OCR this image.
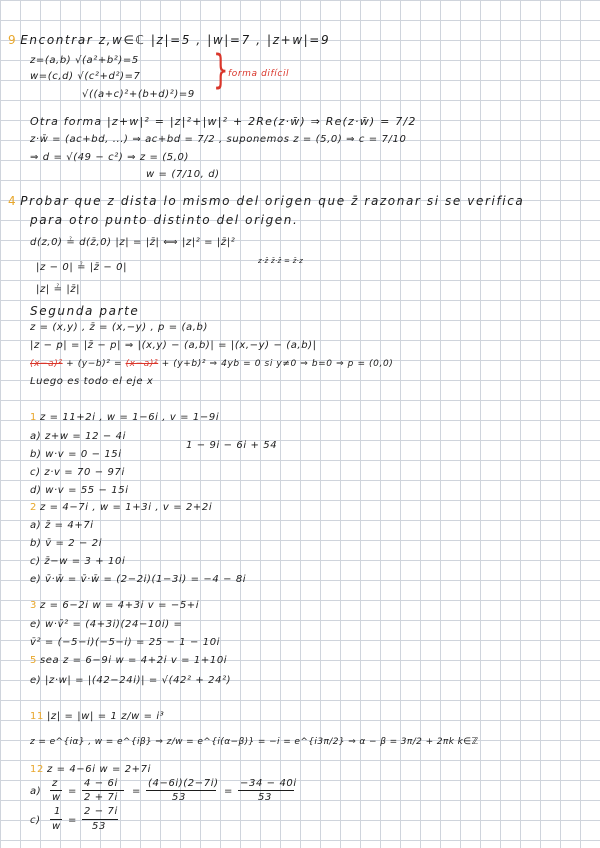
9 Encontrar z,w∈ℂ |z|=5 , |w|=7 , |z+w|=9
z=(a,b) √(a²+b²)=5
w=(c,d) √(c²+d²)=7
√((a+c)²+(b+d)²)=9
} forma difícil
Otra forma |z+w|² = |z|²+|w|² + 2Re(z·w̄) ⇒ Re(z·w̄) = 7/2
z·w̄ = (ac+bd, ...) ⇒ ac+bd = 7/2 , suponemos z = (5,0) ⇒ c = 7/10
⇒ d = √(49 − c²) ⇒ z = (5,0)
w = (7/10, d)
4 Probar que z dista lo mismo del origen que z̄ razonar si se verifica
para otro punto distinto del origen.
d(z,0) ≟ d(z̄,0) |z| = |z̄| ⟺ |z|² = |z̄|²
z·z̄ z̄·z̄ = z̄·z
|z − 0| ≟ |z̄ − 0|
|z| ≟ |z̄|
Segunda parte
z = (x,y) , z̄ = (x,−y) , p = (a,b)
|z − p| = |z̄ − p| ⇒ |(x,y) − (a,b)| = |(x,−y) − (a,b)|
(x−a)² + (y−b)² = (x−a)² + (y+b)² ⇒ 4yb = 0 si y≠0 ⇒ b=0 ⇒ p = (0,0)
Luego es todo el eje x
1 z = 11+2i , w = 1−6i , v = 1−9i
a) z+w = 12 − 4i
1 − 9i − 6i + 54
b) w·v = 0 − 15i
c) z·v = 70 − 97i
d) w·v = 55 − 15i
2 z = 4−7i , w = 1+3i , v = 2+2i
a) z̄ = 4+7i
b) v̄ = 2 − 2i
c) z̄−w = 3 + 10i
e) v̄·w̄ = v̄·w̄ = (2−2i)(1−3i) = −4 − 8i
3 z = 6−2i w = 4+3i v = −5+i
e) w·v̄² = (4+3i)(24−10i) =
v̄² = (−5−i)(−5−i) = 25 − 1 − 10i
5 sea z = 6−9i w = 4+2i v = 1+10i
e) |z·w| = |(42−24i)| = √(42² + 24²)
11 |z| = |w| = 1 z/w = i³
z = e^{iα} , w = e^{iβ} ⇒ z/w = e^{i(α−β)} = −i = e^{i3π/2} ⇒ α − β = 3π/2 + 2πk k∈ℤ
12 z = 4−6i w = 2+7i
a)
z
w
=
4 − 6i
2 + 7i
=
(4−6i)(2−7i)
53
=
−34 − 40i
53
c)
1
w
=
2 − 7i
53
